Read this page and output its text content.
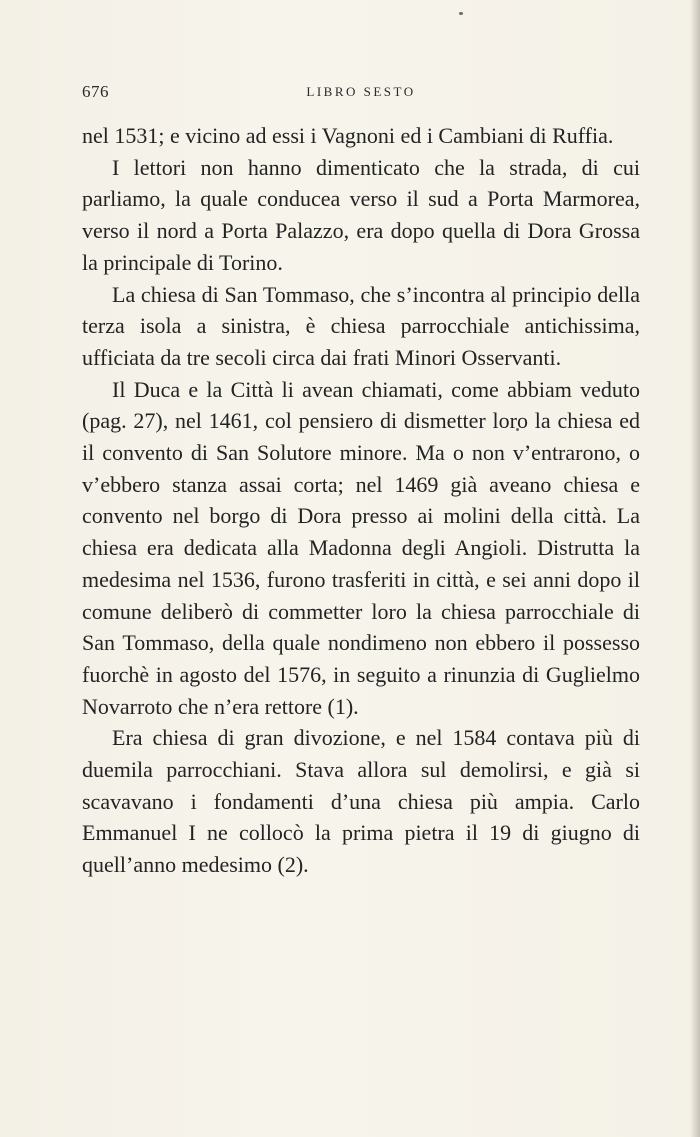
676	LIBRO SESTO

nel 1531; e vicino ad essi i Vagnoni ed i Cambiani di Ruffia.

I lettori non hanno dimenticato che la strada, di cui parliamo, la quale conducea verso il sud a Porta Marmorea, verso il nord a Porta Palazzo, era dopo quella di Dora Grossa la principale di Torino.

La chiesa di San Tommaso, che s’incontra al principio della terza isola a sinistra, è chiesa parrocchiale antichissima, ufficiata da tre secoli circa dai frati Minori Osservanti.

Il Duca e la Città li avean chiamati, come abbiam veduto (pag. 27), nel 1461, col pensiero di dismetter loro la chiesa ed il convento di San Solutore minore. Ma o non v’entrarono, o v’ebbero stanza assai corta; nel 1469 già aveano chiesa e convento nel borgo di Dora presso ai molini della città. La chiesa era dedicata alla Madonna degli Angioli. Distrutta la medesima nel 1536, furono trasferiti in città, e sei anni dopo il comune deliberò di commetter loro la chiesa parrocchiale di San Tommaso, della quale nondimeno non ebbero il possesso fuorchè in agosto del 1576, in seguito a rinunzia di Guglielmo Novarroto che n’era rettore (1).

Era chiesa di gran divozione, e nel 1584 contava più di duemila parrocchiani. Stava allora sul demolirsi, e già si scavavano i fondamenti d’una chiesa più ampia. Carlo Emmanuel I ne collocò la prima pietra il 19 di giugno di quell’anno medesimo (2).
